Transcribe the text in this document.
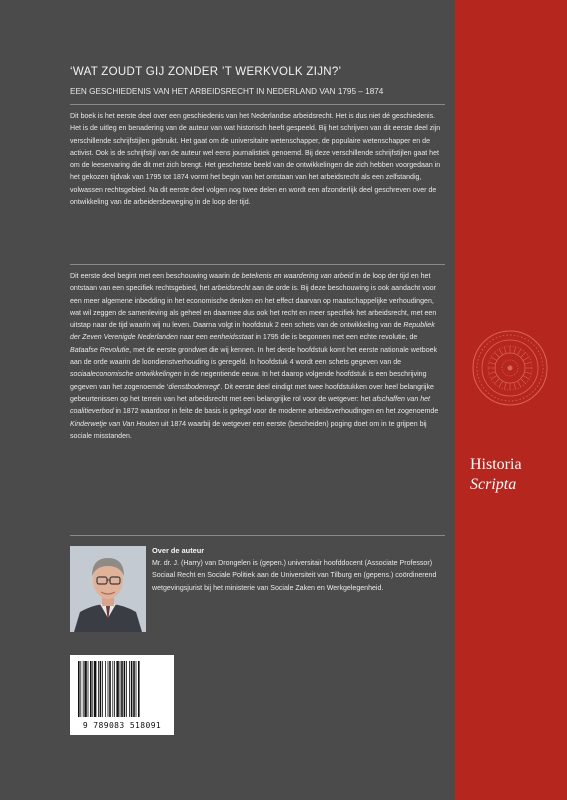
‘WAT ZOUDT GIJ ZONDER ’T WERKVOLK ZIJN?’

EEN GESCHIEDENIS VAN HET ARBEIDSRECHT IN NEDERLAND VAN 1795 – 1874

Dit boek is het eerste deel over een geschiedenis van het Nederlandse arbeidsrecht. Het is dus niet dé geschiedenis. Het is de uitleg en benadering van de auteur van wat historisch heeft gespeeld. Bij het schrijven van dit eerste deel zijn verschillende schrijfstijlen gebruikt. Het gaat om de universitaire wetenschapper, de populaire wetenschapper en de activist. Ook is de schrijfstijl van de auteur wel eens journalistiek genoemd. Bij deze verschillende schrijfstijlen gaat het om de leeservaring die dit met zich brengt. Het geschetste beeld van de ontwikkelingen die zich hebben voorgedaan in het gekozen tijdvak van 1795 tot 1874 vormt het begin van het ontstaan van het arbeidsrecht als een zelfstandig, volwassen rechtsgebied. Na dit eerste deel volgen nog twee delen en wordt een afzonderlijk deel geschreven over de ontwikkeling van de arbeidersbeweging in de loop der tijd.

Dit eerste deel begint met een beschouwing waarin de betekenis en waardering van arbeid in de loop der tijd en het ontstaan van een specifiek rechtsgebied, het arbeidsrecht aan de orde is. Bij deze beschouwing is ook aandacht voor een meer algemene inbedding in het economische denken en het effect daarvan op maatschappelijke verhoudingen, wat wil zeggen de samenleving als geheel en daarmee dus ook het recht en meer specifiek het arbeidsrecht, met een uitstap naar de tijd waarin wij nu leven. Daarna volgt in hoofdstuk 2 een schets van de ontwikkeling van de Republiek der Zeven Verenigde Nederlanden naar een eenheidsstaat in 1795 die is begonnen met een echte revolutie, de Bataafse Revolutie, met de eerste grondwet die wij kennen. In het derde hoofdstuk komt het eerste nationale wetboek aan de orde waarin de loondienstverhouding is geregeld. In hoofdstuk 4 wordt een schets gegeven van de sociaaleconomische ontwikkelingen in de negentiende eeuw. In het daarop volgende hoofdstuk is een beschrijving gegeven van het zogenoemde ‘dienstbodenregt’. Dit eerste deel eindigt met twee hoofdstukken over heel belangrijke gebeurtenissen op het terrein van het arbeidsrecht met een belangrijke rol voor de wetgever: het afschaffen van het coalitieverbod in 1872 waardoor in feite de basis is gelegd voor de moderne arbeidsverhoudingen en het zogenoemde Kinderwetje van Van Houten uit 1874 waarbij de wetgever een eerste (bescheiden) poging doet om in te grijpen bij sociale misstanden.

Over de auteur

Mr. dr. J. (Harry) van Drongelen is (gepen.) universitair hoofddocent (Associate Professor) Sociaal Recht en Sociale Politiek aan de Universiteit van Tilburg en (gepens.) coördinerend wetgevingsjurist bij het ministerie van Sociale Zaken en Werkgelegenheid.

9 789083 518091
Historia
Scripta
